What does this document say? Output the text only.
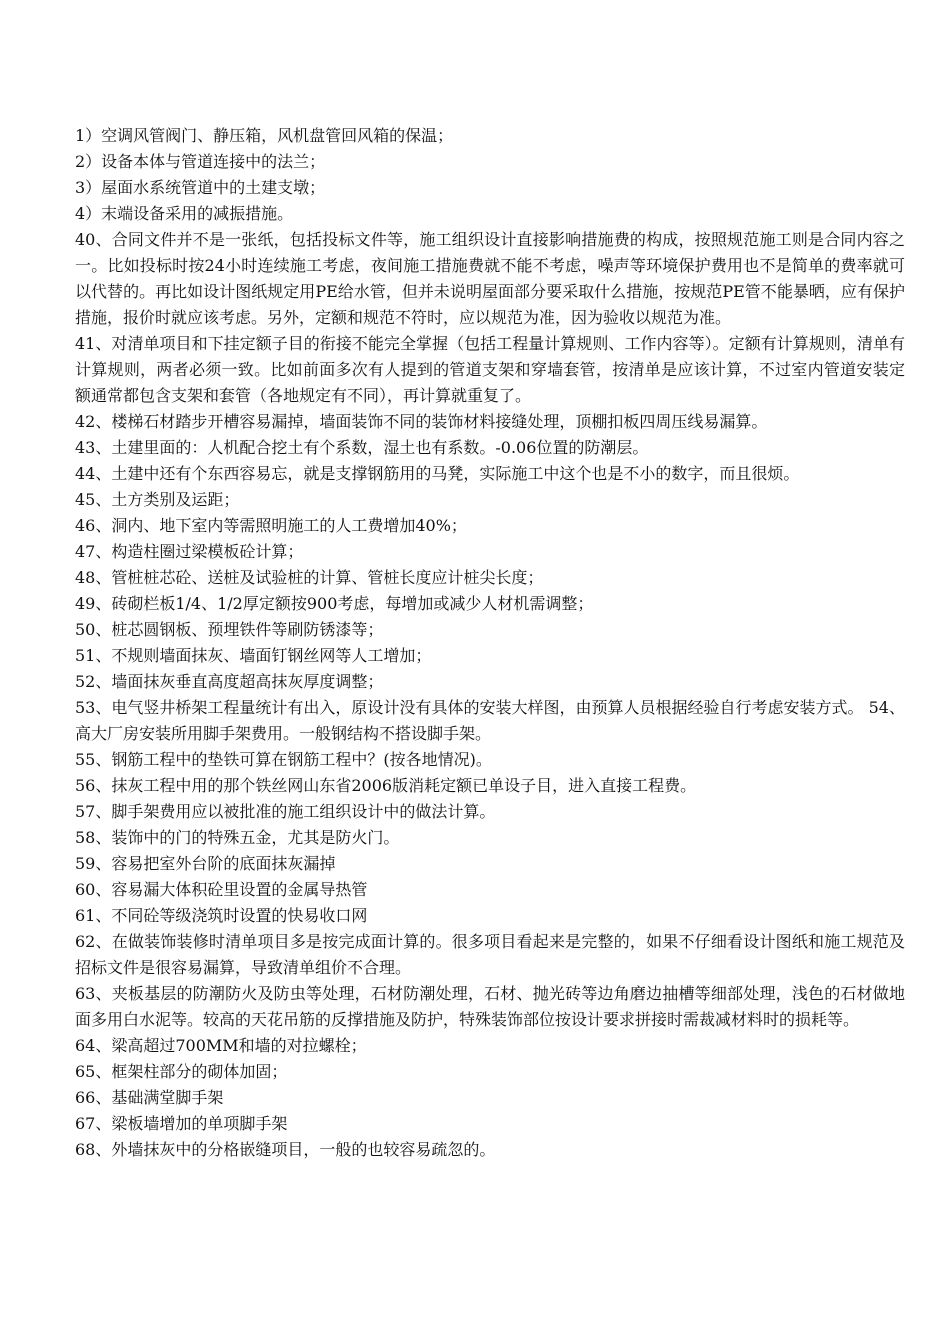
1）空调风管阀门、静压箱，风机盘管回风箱的保温；

2）设备本体与管道连接中的法兰；

3）屋面水系统管道中的土建支墩；

4）末端设备采用的减振措施。

40、合同文件并不是一张纸，包括投标文件等，施工组织设计直接影响措施费的构成，按照规范施工则是合同内容之一。比如投标时按24小时连续施工考虑，夜间施工措施费就不能不考虑，噪声等环境保护费用也不是简单的费率就可以代替的。再比如设计图纸规定用PE给水管，但并未说明屋面部分要采取什么措施，按规范PE管不能暴晒，应有保护措施，报价时就应该考虑。另外，定额和规范不符时，应以规范为准，因为验收以规范为准。

41、对清单项目和下挂定额子目的衔接不能完全掌握（包括工程量计算规则、工作内容等）。定额有计算规则，清单有计算规则，两者必须一致。比如前面多次有人提到的管道支架和穿墙套管，按清单是应该计算，不过室内管道安装定额通常都包含支架和套管（各地规定有不同），再计算就重复了。

42、楼梯石材踏步开槽容易漏掉，墙面装饰不同的装饰材料接缝处理，顶棚扣板四周压线易漏算。

43、土建里面的：人机配合挖土有个系数，湿土也有系数。-0.06位置的防潮层。

44、土建中还有个东西容易忘，就是支撑钢筋用的马凳，实际施工中这个也是不小的数字，而且很烦。

45、土方类别及运距；

46、洞内、地下室内等需照明施工的人工费增加40%；

47、构造柱圈过梁模板砼计算；

48、管桩桩芯砼、送桩及试验桩的计算、管桩长度应计桩尖长度；

49、砖砌栏板1/4、1/2厚定额按900考虑，每增加或减少人材机需调整；

50、桩芯圆钢板、预埋铁件等刷防锈漆等；

51、不规则墙面抹灰、墙面钉钢丝网等人工增加；

52、墙面抹灰垂直高度超高抹灰厚度调整；

53、电气竖井桥架工程量统计有出入，原设计没有具体的安装大样图，由预算人员根据经验自行考虑安装方式。 54、高大厂房安装所用脚手架费用。一般钢结构不搭设脚手架。

55、钢筋工程中的垫铁可算在钢筋工程中？(按各地情况)。

56、抹灰工程中用的那个铁丝网山东省2006版消耗定额已单设子目，进入直接工程费。

57、脚手架费用应以被批准的施工组织设计中的做法计算。

58、装饰中的门的特殊五金，尤其是防火门。

59、容易把室外台阶的底面抹灰漏掉

60、容易漏大体积砼里设置的金属导热管

61、不同砼等级浇筑时设置的快易收口网

62、在做装饰装修时清单项目多是按完成面计算的。很多项目看起来是完整的，如果不仔细看设计图纸和施工规范及招标文件是很容易漏算，导致清单组价不合理。

63、夹板基层的防潮防火及防虫等处理，石材防潮处理，石材、抛光砖等边角磨边抽槽等细部处理，浅色的石材做地面多用白水泥等。较高的天花吊筋的反撑措施及防护，特殊装饰部位按设计要求拼接时需裁减材料时的损耗等。

64、梁高超过700MM和墙的对拉螺栓；

65、框架柱部分的砌体加固；

66、基础满堂脚手架

67、梁板墙增加的单项脚手架

68、外墙抹灰中的分格嵌缝项目，一般的也较容易疏忽的。
